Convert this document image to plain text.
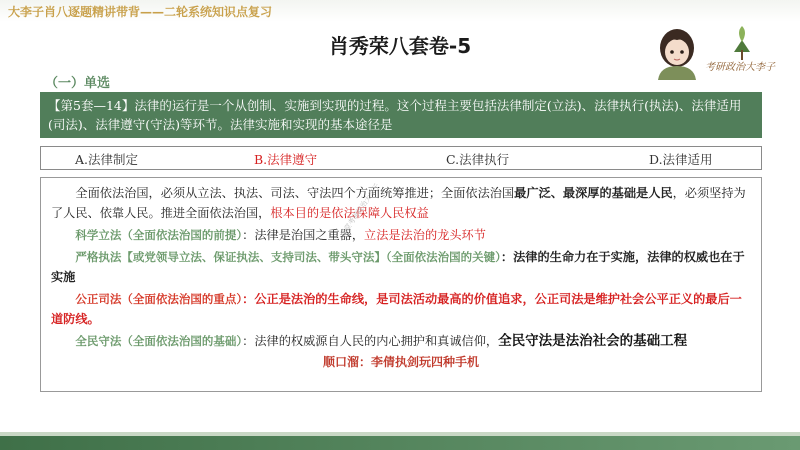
大李子肖八逐题精讲带背——二轮系统知识点复习
肖秀荣八套卷-5
考研政治大李子
（一）单选
【第5套—14】法律的运行是一个从创制、实施到实现的过程。这个过程主要包括法律制定(立法)、法律执行(执法)、法律适用(司法)、法律遵守(守法)等环节。法律实施和实现的基本途径是
A.法律制定	B.法律遵守	C.法律执行	D.法律适用

全面依法治国，必须从立法、执法、司法、守法四个方面统筹推进；全面依法治国最广泛、最深厚的基础是人民，必须坚持为了人民、依靠人民。推进全面依法治国，根本目的是依法保障人民权益

科学立法（全面依法治国的前提）：法律是治国之重器，立法是法治的龙头环节

严格执法【或党领导立法、保证执法、支持司法、带头守法】（全面依法治国的关键）：法律的生命力在于实施，法律的权威也在于实施

公正司法（全面依法治国的重点）：公正是法治的生命线，是司法活动最高的价值追求，公正司法是维护社会公平正义的最后一道防线。

全民守法（全面依法治国的基础）：法律的权威源自人民的内心拥护和真诚信仰，全民守法是法治社会的基础工程

顺口溜：李倩执剑玩四种手机
课堂考研政治大李子
